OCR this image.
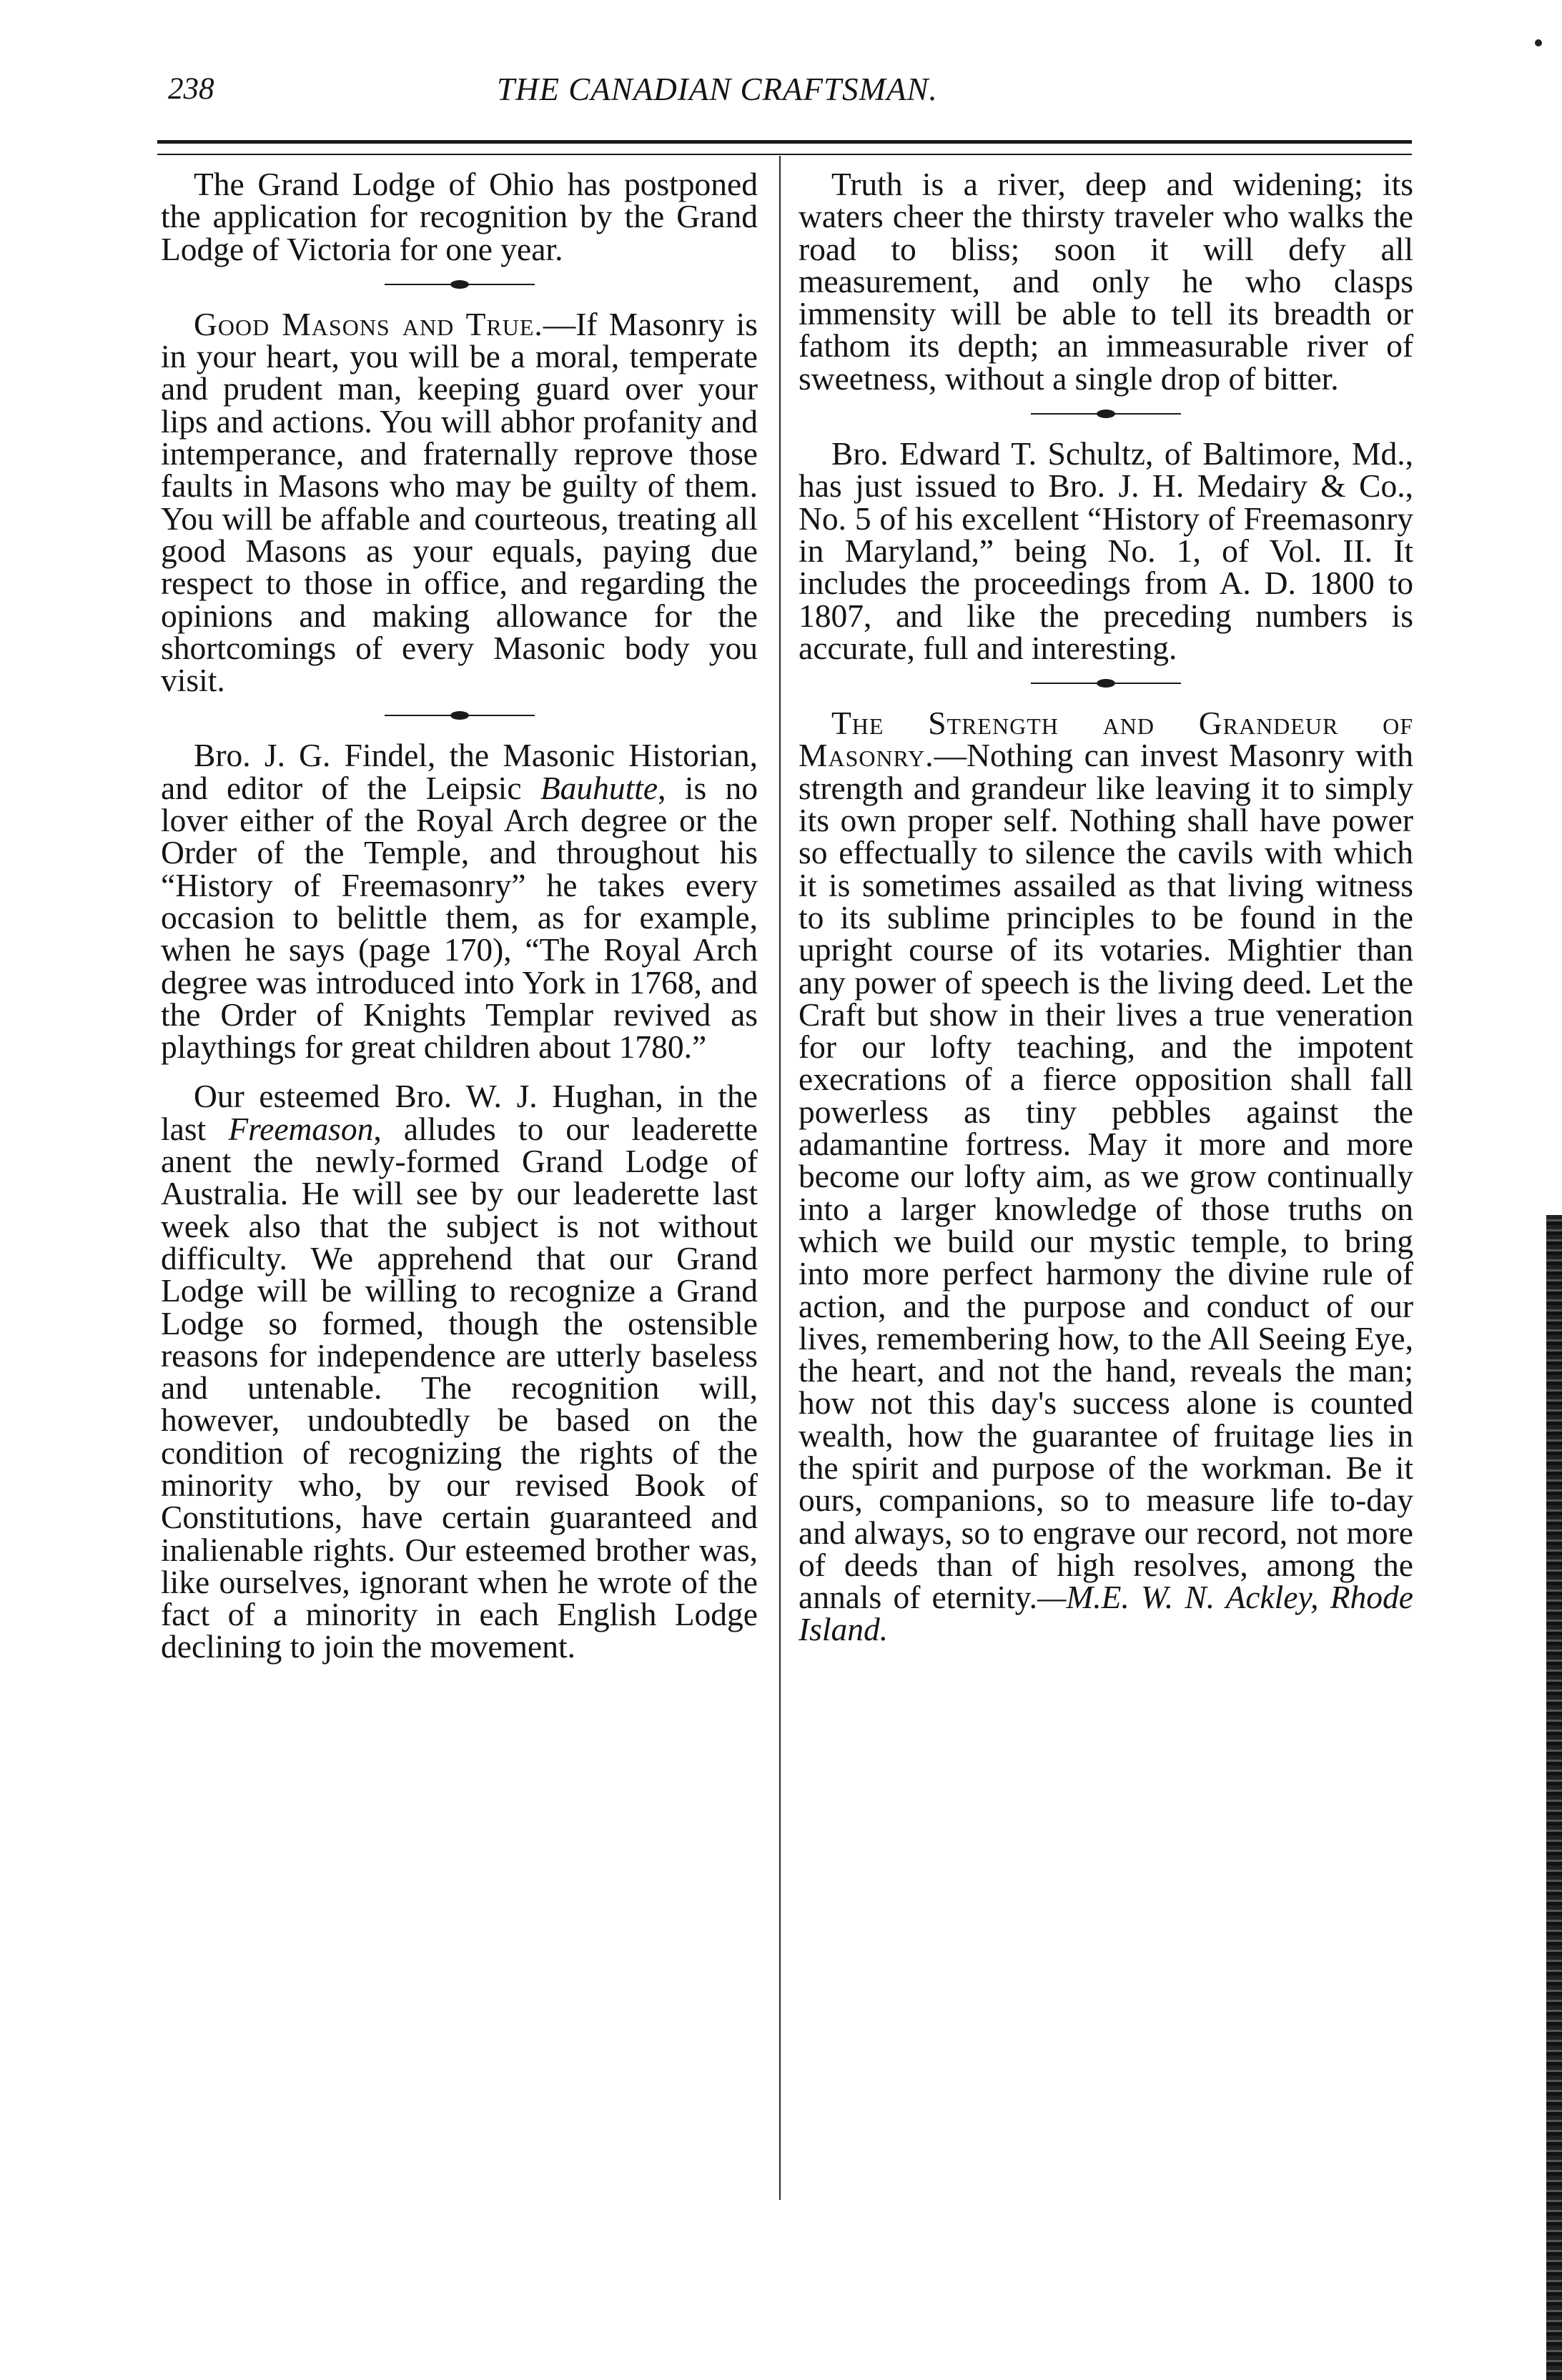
238	THE CANADIAN CRAFTSMAN.

The Grand Lodge of Ohio has postponed the application for recognition by the Grand Lodge of Victoria for one year.

Good Masons and True.—If Masonry is in your heart, you will be a moral, temperate and prudent man, keeping guard over your lips and actions. You will abhor profanity and intemperance, and fraternally reprove those faults in Masons who may be guilty of them. You will be affable and courteous, treating all good Masons as your equals, paying due respect to those in office, and regarding the opinions and making allowance for the shortcomings of every Masonic body you visit.

Bro. J. G. Findel, the Masonic Historian, and editor of the Leipsic Bauhutte, is no lover either of the Royal Arch degree or the Order of the Temple, and throughout his “History of Freemasonry” he takes every occasion to belittle them, as for example, when he says (page 170), “The Royal Arch degree was introduced into York in 1768, and the Order of Knights Templar revived as playthings for great children about 1780.”

Our esteemed Bro. W. J. Hughan, in the last Freemason, alludes to our leaderette anent the newly-formed Grand Lodge of Australia. He will see by our leaderette last week also that the subject is not without difficulty. We apprehend that our Grand Lodge will be willing to recognize a Grand Lodge so formed, though the ostensible reasons for independence are utterly baseless and untenable. The recognition will, however, undoubtedly be based on the condition of recognizing the rights of the minority who, by our revised Book of Constitutions, have certain guaranteed and inalienable rights. Our esteemed brother was, like ourselves, ignorant when he wrote of the fact of a minority in each English Lodge declining to join the movement.

Truth is a river, deep and widening; its waters cheer the thirsty traveler who walks the road to bliss; soon it will defy all measurement, and only he who clasps immensity will be able to tell its breadth or fathom its depth; an immeasurable river of sweetness, without a single drop of bitter.

Bro. Edward T. Schultz, of Baltimore, Md., has just issued to Bro. J. H. Medairy & Co., No. 5 of his excellent “History of Freemasonry in Maryland,” being No. 1, of Vol. II. It includes the proceedings from A. D. 1800 to 1807, and like the preceding numbers is accurate, full and interesting.

The Strength and Grandeur of Masonry.—Nothing can invest Masonry with strength and grandeur like leaving it to simply its own proper self. Nothing shall have power so effectually to silence the cavils with which it is sometimes assailed as that living witness to its sublime principles to be found in the upright course of its votaries. Mightier than any power of speech is the living deed. Let the Craft but show in their lives a true veneration for our lofty teaching, and the impotent execrations of a fierce opposition shall fall powerless as tiny pebbles against the adamantine fortress. May it more and more become our lofty aim, as we grow continually into a larger knowledge of those truths on which we build our mystic temple, to bring into more perfect harmony the divine rule of action, and the purpose and conduct of our lives, remembering how, to the All Seeing Eye, the heart, and not the hand, reveals the man; how not this day's success alone is counted wealth, how the guarantee of fruitage lies in the spirit and purpose of the workman. Be it ours, companions, so to measure life to-day and always, so to engrave our record, not more of deeds than of high resolves, among the annals of eternity.—M.E. W. N. Ackley, Rhode Island.
